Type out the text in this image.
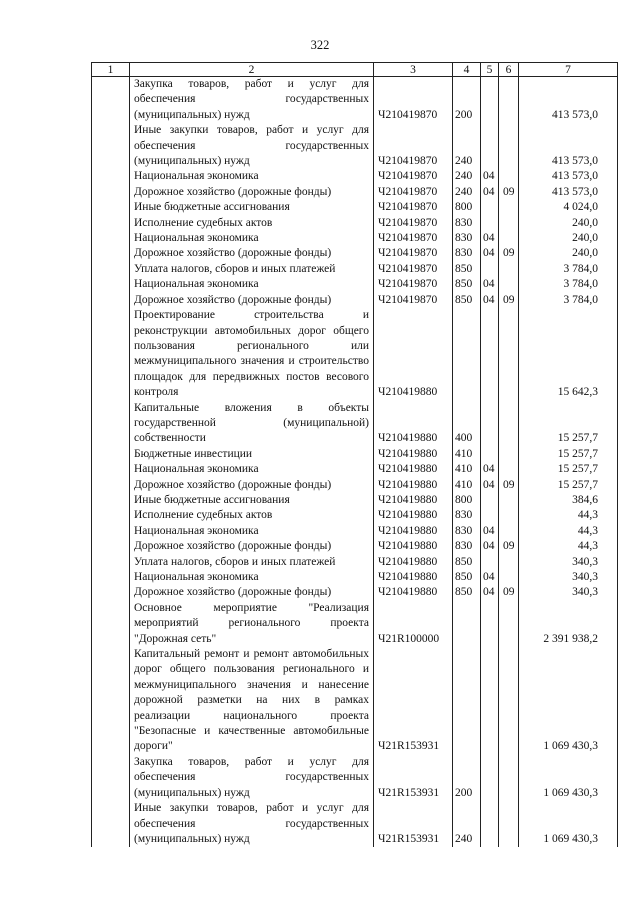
322
1	2	3	4	5	6	7
	Закупка товаров, работ и услуг для обеспечения государственных (муниципальных) нужд	Ч210419870	200			413 573,0
	Иные закупки товаров, работ и услуг для обеспечения государственных (муниципальных) нужд	Ч210419870	240			413 573,0
	Национальная экономика	Ч210419870	240	04		413 573,0
	Дорожное хозяйство (дорожные фонды)	Ч210419870	240	04	09	413 573,0
	Иные бюджетные ассигнования	Ч210419870	800			4 024,0
	Исполнение судебных актов	Ч210419870	830			240,0
	Национальная экономика	Ч210419870	830	04		240,0
	Дорожное хозяйство (дорожные фонды)	Ч210419870	830	04	09	240,0
	Уплата налогов, сборов и иных платежей	Ч210419870	850			3 784,0
	Национальная экономика	Ч210419870	850	04		3 784,0
	Дорожное хозяйство (дорожные фонды)	Ч210419870	850	04	09	3 784,0
	Проектирование строительства и реконструкции автомобильных дорог общего пользования регионального или межмуниципального значения и строительство площадок для передвижных постов весового контроля	Ч210419880				15 642,3
	Капитальные вложения в объекты государственной (муниципальной) собственности	Ч210419880	400			15 257,7
	Бюджетные инвестиции	Ч210419880	410			15 257,7
	Национальная экономика	Ч210419880	410	04		15 257,7
	Дорожное хозяйство (дорожные фонды)	Ч210419880	410	04	09	15 257,7
	Иные бюджетные ассигнования	Ч210419880	800			384,6
	Исполнение судебных актов	Ч210419880	830			44,3
	Национальная экономика	Ч210419880	830	04		44,3
	Дорожное хозяйство (дорожные фонды)	Ч210419880	830	04	09	44,3
	Уплата налогов, сборов и иных платежей	Ч210419880	850			340,3
	Национальная экономика	Ч210419880	850	04		340,3
	Дорожное хозяйство (дорожные фонды)	Ч210419880	850	04	09	340,3
	Основное мероприятие "Реализация мероприятий регионального проекта "Дорожная сеть"	Ч21R100000				2 391 938,2
	Капитальный ремонт и ремонт автомобильных дорог общего пользования регионального и межмуниципального значения и нанесение дорожной разметки на них в рамках реализации национального проекта "Безопасные и качественные автомобильные дороги"	Ч21R153931				1 069 430,3
	Закупка товаров, работ и услуг для обеспечения государственных (муниципальных) нужд	Ч21R153931	200			1 069 430,3
	Иные закупки товаров, работ и услуг для обеспечения государственных (муниципальных) нужд	Ч21R153931	240			1 069 430,3
